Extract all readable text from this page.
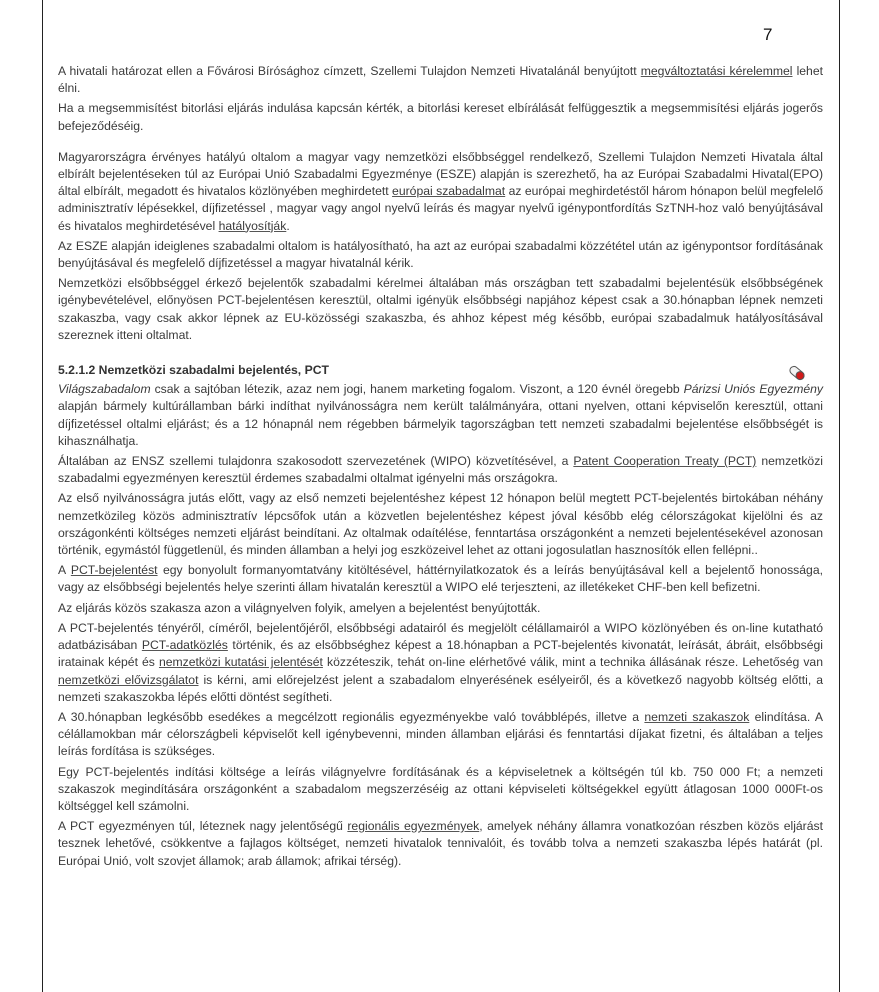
7

A hivatali határozat ellen a Fővárosi Bírósághoz címzett, Szellemi Tulajdon Nemzeti Hivatalánál benyújtott megváltoztatási kérelemmel lehet élni.

Ha a megsemmisítést bitorlási eljárás indulása kapcsán kérték, a bitorlási kereset elbírálását felfüggesztik a megsemmisítési eljárás jogerős befejeződéséig.

Magyarországra érvényes hatályú oltalom a magyar vagy nemzetközi elsőbbséggel rendelkező, Szellemi Tulajdon Nemzeti Hivatala által elbírált bejelentéseken túl az Európai Unió Szabadalmi Egyezménye (ESZE) alapján is szerezhető, ha az Európai Szabadalmi Hivatal(EPO) által elbírált, megadott és hivatalos közlönyében meghirdetett európai szabadalmat az európai meghirdetéstől három hónapon belül megfelelő adminisztratív lépésekkel, díjfizetéssel , magyar vagy angol nyelvű leírás és magyar nyelvű igénypontfordítás SzTNH-hoz való benyújtásával és hivatalos meghirdetésével hatályosítják.

Az ESZE alapján ideiglenes szabadalmi oltalom is hatályosítható, ha azt az európai szabadalmi közzététel után az igénypontsor fordításának benyújtásával és megfelelő díjfizetéssel a magyar hivatalnál kérik.

Nemzetközi elsőbbséggel érkező bejelentők szabadalmi kérelmei általában más országban tett szabadalmi bejelentésük elsőbbségének igénybevételével, előnyösen PCT-bejelentésen keresztül, oltalmi igényük elsőbbségi napjához képest csak a 30.hónapban lépnek nemzeti szakaszba, vagy csak akkor lépnek az EU-közösségi szakaszba, és ahhoz képest még később, európai szabadalmuk hatályosításával szereznek itteni oltalmat.

5.2.1.2 Nemzetközi szabadalmi bejelentés, PCT

Világszabadalom csak a sajtóban létezik, azaz nem jogi, hanem marketing fogalom. Viszont, a 120 évnél öregebb Párizsi Uniós Egyezmény alapján bármely kultúrállamban bárki indíthat nyilvánosságra nem került találmányára, ottani nyelven, ottani képviselőn keresztül, ottani díjfizetéssel oltalmi eljárást; és a 12 hónapnál nem régebben bármelyik tagországban tett nemzeti szabadalmi bejelentése elsőbbségét is kihasználhatja.

Általában az ENSZ szellemi tulajdonra szakosodott szervezetének (WIPO) közvetítésével, a Patent Cooperation Treaty (PCT) nemzetközi szabadalmi egyezményen keresztül érdemes szabadalmi oltalmat igényelni más országokra.

Az első nyilvánosságra jutás előtt, vagy az első nemzeti bejelentéshez képest 12 hónapon belül megtett PCT-bejelentés birtokában néhány nemzetközileg közös adminisztratív lépcsőfok után a közvetlen bejelentéshez képest jóval később elég célországokat kijelölni és az országonkénti költséges nemzeti eljárást beindítani. Az oltalmak odaítélése, fenntartása országonként a nemzeti bejelentésekével azonosan történik, egymástól függetlenül, és minden államban a helyi jog eszközeivel lehet az ottani jogosulatlan hasznosítók ellen fellépni..

A PCT-bejelentést egy bonyolult formanyomtatvány kitöltésével, háttérnyilatkozatok és a leírás benyújtásával kell a bejelentő honossága, vagy az elsőbbségi bejelentés helye szerinti állam hivatalán keresztül a WIPO elé terjeszteni, az illetékeket CHF-ben kell befizetni.

Az eljárás közös szakasza azon a világnyelven folyik, amelyen a bejelentést benyújtották.

A PCT-bejelentés tényéről, címéről, bejelentőjéről, elsőbbségi adatairól és megjelölt célállamairól a WIPO közlönyében és on-line kutatható adatbázisában PCT-adatközlés történik, és az elsőbbséghez képest a 18.hónapban a PCT-bejelentés kivonatát, leírását, ábráit, elsőbbségi iratainak képét és nemzetközi kutatási jelentését közzéteszik, tehát on-line elérhetővé válik, mint a technika állásának része. Lehetőség van nemzetközi elővizsgálatot is kérni, ami előrejelzést jelent a szabadalom elnyerésének esélyeiről, és a következő nagyobb költség előtti, a nemzeti szakaszokba lépés előtti döntést segítheti.

A 30.hónapban legkésőbb esedékes a megcélzott regionális egyezményekbe való továbblépés, illetve a nemzeti szakaszok elindítása. A célállamokban már célországbeli képviselőt kell igénybevenni, minden államban eljárási és fenntartási díjakat fizetni, és általában a teljes leírás fordítása is szükséges.

Egy PCT-bejelentés indítási költsége a leírás világnyelvre fordításának és a képviseletnek a költségén túl kb. 750 000 Ft; a nemzeti szakaszok megindítására országonként a szabadalom megszerzéséig az ottani képviseleti költségekkel együtt átlagosan 1000 000Ft-os költséggel kell számolni.

A PCT egyezményen túl, léteznek nagy jelentőségű regionális egyezmények, amelyek néhány államra vonatkozóan részben közös eljárást tesznek lehetővé, csökkentve a fajlagos költséget, nemzeti hivatalok tennivalóit, és tovább tolva a nemzeti szakaszba lépés határát (pl. Európai Unió, volt szovjet államok; arab államok; afrikai térség).
